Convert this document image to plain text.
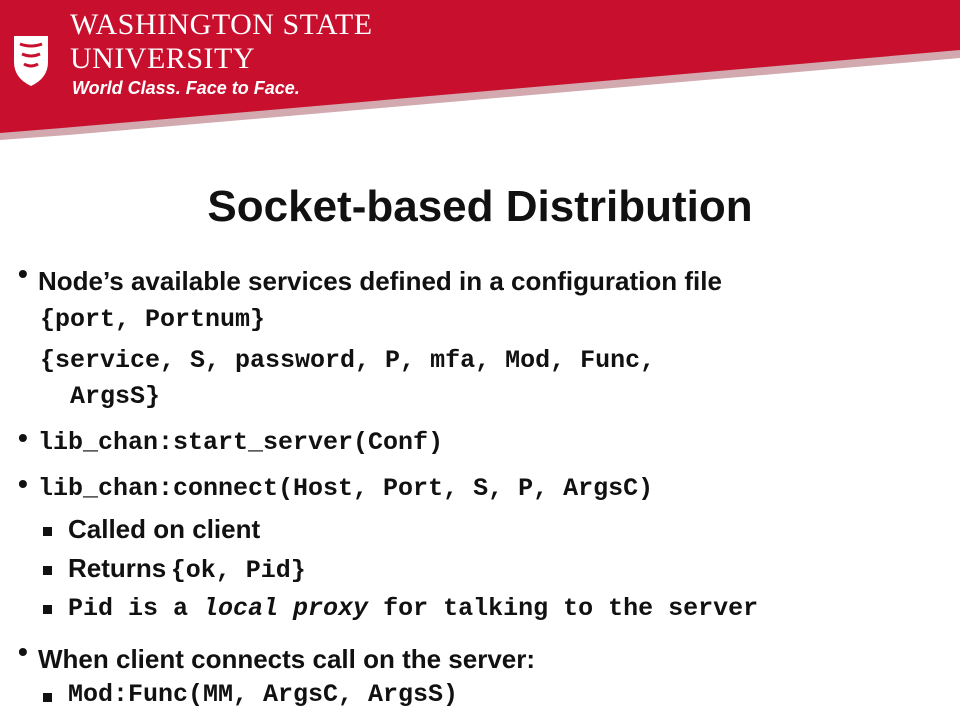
WASHINGTON STATE
UNIVERSITY
World Class. Face to Face.
Socket-based Distribution
• Node’s available services defined in a configuration file
{port, Portnum}
{service, S, password, P, mfa, Mod, Func,
ArgsS}
• lib_chan:start_server(Conf)
• lib_chan:connect(Host, Port, S, P, ArgsC)
Called on client
Returns {ok, Pid}
Pid is a local proxy for talking to the server
• When client connects call on the server:
Mod:Func(MM, ArgsC, ArgsS)
